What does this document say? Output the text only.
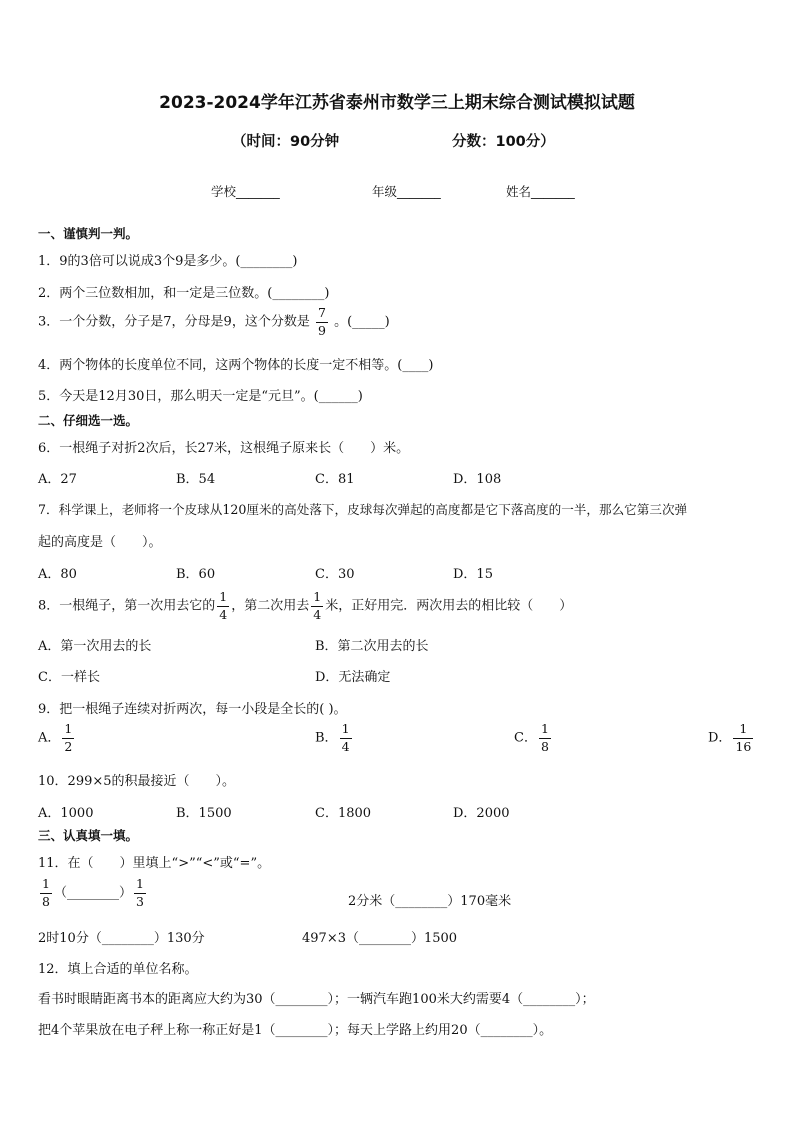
2023-2024学年江苏省泰州市数学三上期末综合测试模拟试题
（时间：90分钟	分数：100分）
学校_______	年级_______	姓名_______
一、谨慎判一判。
1．9的3倍可以说成3个9是多少。(________)
2．两个三位数相加，和一定是三位数。(________)
3．一个分数，分子是7，分母是9，这个分数是 $\frac{7}{9}$ 。(_____)
4．两个物体的长度单位不同，这两个物体的长度一定不相等。(____)
5．今天是12月30日，那么明天一定是“元旦”。(______)
二、仔细选一选。
6．一根绳子对折2次后，长27米，这根绳子原来长（　　）米。
A．27	B．54	C．81	D．108
7．科学课上，老师将一个皮球从120厘米的高处落下，皮球每次弹起的高度都是它下落高度的一半，那么它第三次弹
起的高度是（　　）。
A．80	B．60	C．30	D．15
8．一根绳子，第一次用去它的 $\frac{1}{4}$ ，第二次用去 $\frac{1}{4}$ 米，正好用完．两次用去的相比较（　　）
A．第一次用去的长	B．第二次用去的长
C．一样长	D．无法确定
9．把一根绳子连续对折两次，每一小段是全长的( )。
A． $\frac{1}{2}$	B． $\frac{1}{4}$	C． $\frac{1}{8}$	D． $\frac{1}{16}$
10．299×5的积最接近（　　）。
A．1000	B．1500	C．1800	D．2000
三、认真填一填。
11．在（　　）里填上“>”“<”或“=”。
$\frac{1}{8}$ （________） $\frac{1}{3}$	2分米（________）170毫米
2时10分（________）130分	497×3（________）1500
12．填上合适的单位名称。
看书时眼睛距离书本的距离应大约为30（________）；一辆汽车跑100米大约需要4（________）；
把4个苹果放在电子秤上称一称正好是1（________）；每天上学路上约用20（________）。
